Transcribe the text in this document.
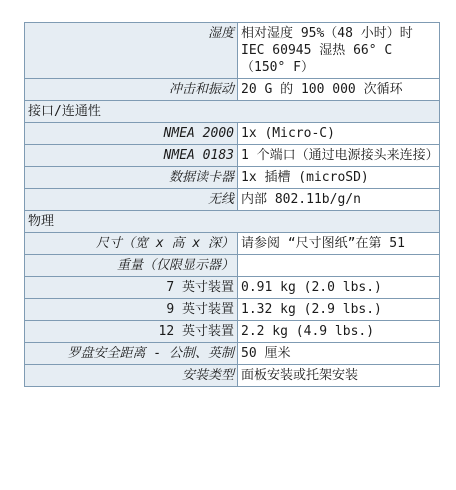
湿度	相对湿度 95%（48 小时）时 IEC 60945 湿热 66° C（150° F）
冲击和振动	20 G 的 100 000 次循环
接口/连通性	
NMEA 2000	1x (Micro-C)
NMEA 0183	1 个端口（通过电源接头来连接）
数据读卡器	1x 插槽 (microSD)
无线	内部 802.11b/g/n
物理	
尺寸（宽 x 高 x 深）	请参阅 “尺寸图纸”在第 51
重量（仅限显示器）	
7 英寸装置	0.91 kg (2.0 lbs.)
9 英寸装置	1.32 kg (2.9 lbs.)
12 英寸装置	2.2 kg (4.9 lbs.)
罗盘安全距离 - 公制、英制	50 厘米
安装类型	面板安装或托架安装
